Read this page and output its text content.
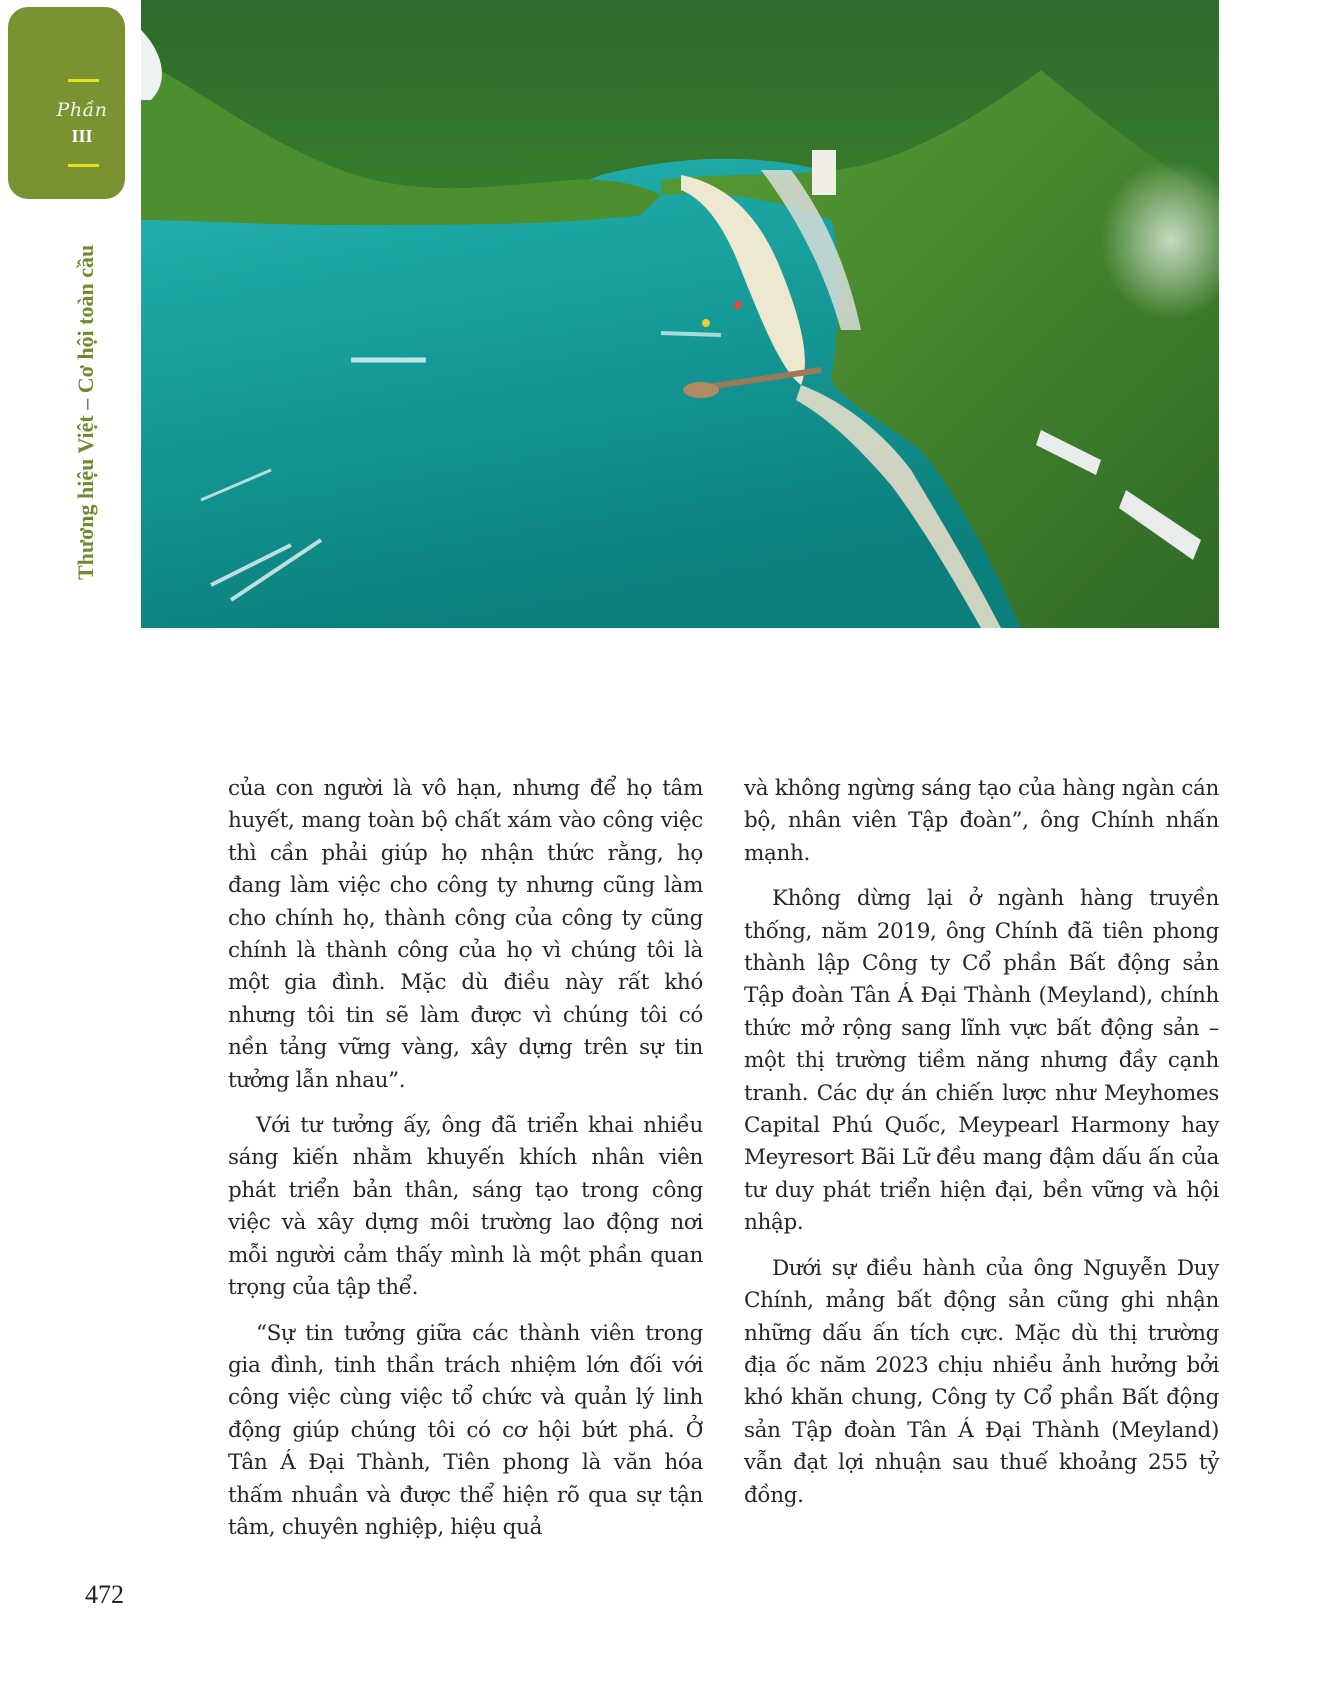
Phần
III
Thương hiệu Việt – Cơ hội toàn cầu

của con người là vô hạn, nhưng để họ tâm huyết, mang toàn bộ chất xám vào công việc thì cần phải giúp họ nhận thức rằng, họ đang làm việc cho công ty nhưng cũng làm cho chính họ, thành công của công ty cũng chính là thành công của họ vì chúng tôi là một gia đình. Mặc dù điều này rất khó nhưng tôi tin sẽ làm được vì chúng tôi có nền tảng vững vàng, xây dựng trên sự tin tưởng lẫn nhau”.

Với tư tưởng ấy, ông đã triển khai nhiều sáng kiến nhằm khuyến khích nhân viên phát triển bản thân, sáng tạo trong công việc và xây dựng môi trường lao động nơi mỗi người cảm thấy mình là một phần quan trọng của tập thể.

“Sự tin tưởng giữa các thành viên trong gia đình, tinh thần trách nhiệm lớn đối với công việc cùng việc tổ chức và quản lý linh động giúp chúng tôi có cơ hội bứt phá. Ở Tân Á Đại Thành, Tiên phong là văn hóa thấm nhuần và được thể hiện rõ qua sự tận tâm, chuyên nghiệp, hiệu quả

và không ngừng sáng tạo của hàng ngàn cán bộ, nhân viên Tập đoàn”, ông Chính nhấn mạnh.

Không dừng lại ở ngành hàng truyền thống, năm 2019, ông Chính đã tiên phong thành lập Công ty Cổ phần Bất động sản Tập đoàn Tân Á Đại Thành (Meyland), chính thức mở rộng sang lĩnh vực bất động sản – một thị trường tiềm năng nhưng đầy cạnh tranh. Các dự án chiến lược như Meyhomes Capital Phú Quốc, Meypearl Harmony hay Meyresort Bãi Lữ đều mang đậm dấu ấn của tư duy phát triển hiện đại, bền vững và hội nhập.

Dưới sự điều hành của ông Nguyễn Duy Chính, mảng bất động sản cũng ghi nhận những dấu ấn tích cực. Mặc dù thị trường địa ốc năm 2023 chịu nhiều ảnh hưởng bởi khó khăn chung, Công ty Cổ phần Bất động sản Tập đoàn Tân Á Đại Thành (Meyland) vẫn đạt lợi nhuận sau thuế khoảng 255 tỷ đồng.

472
